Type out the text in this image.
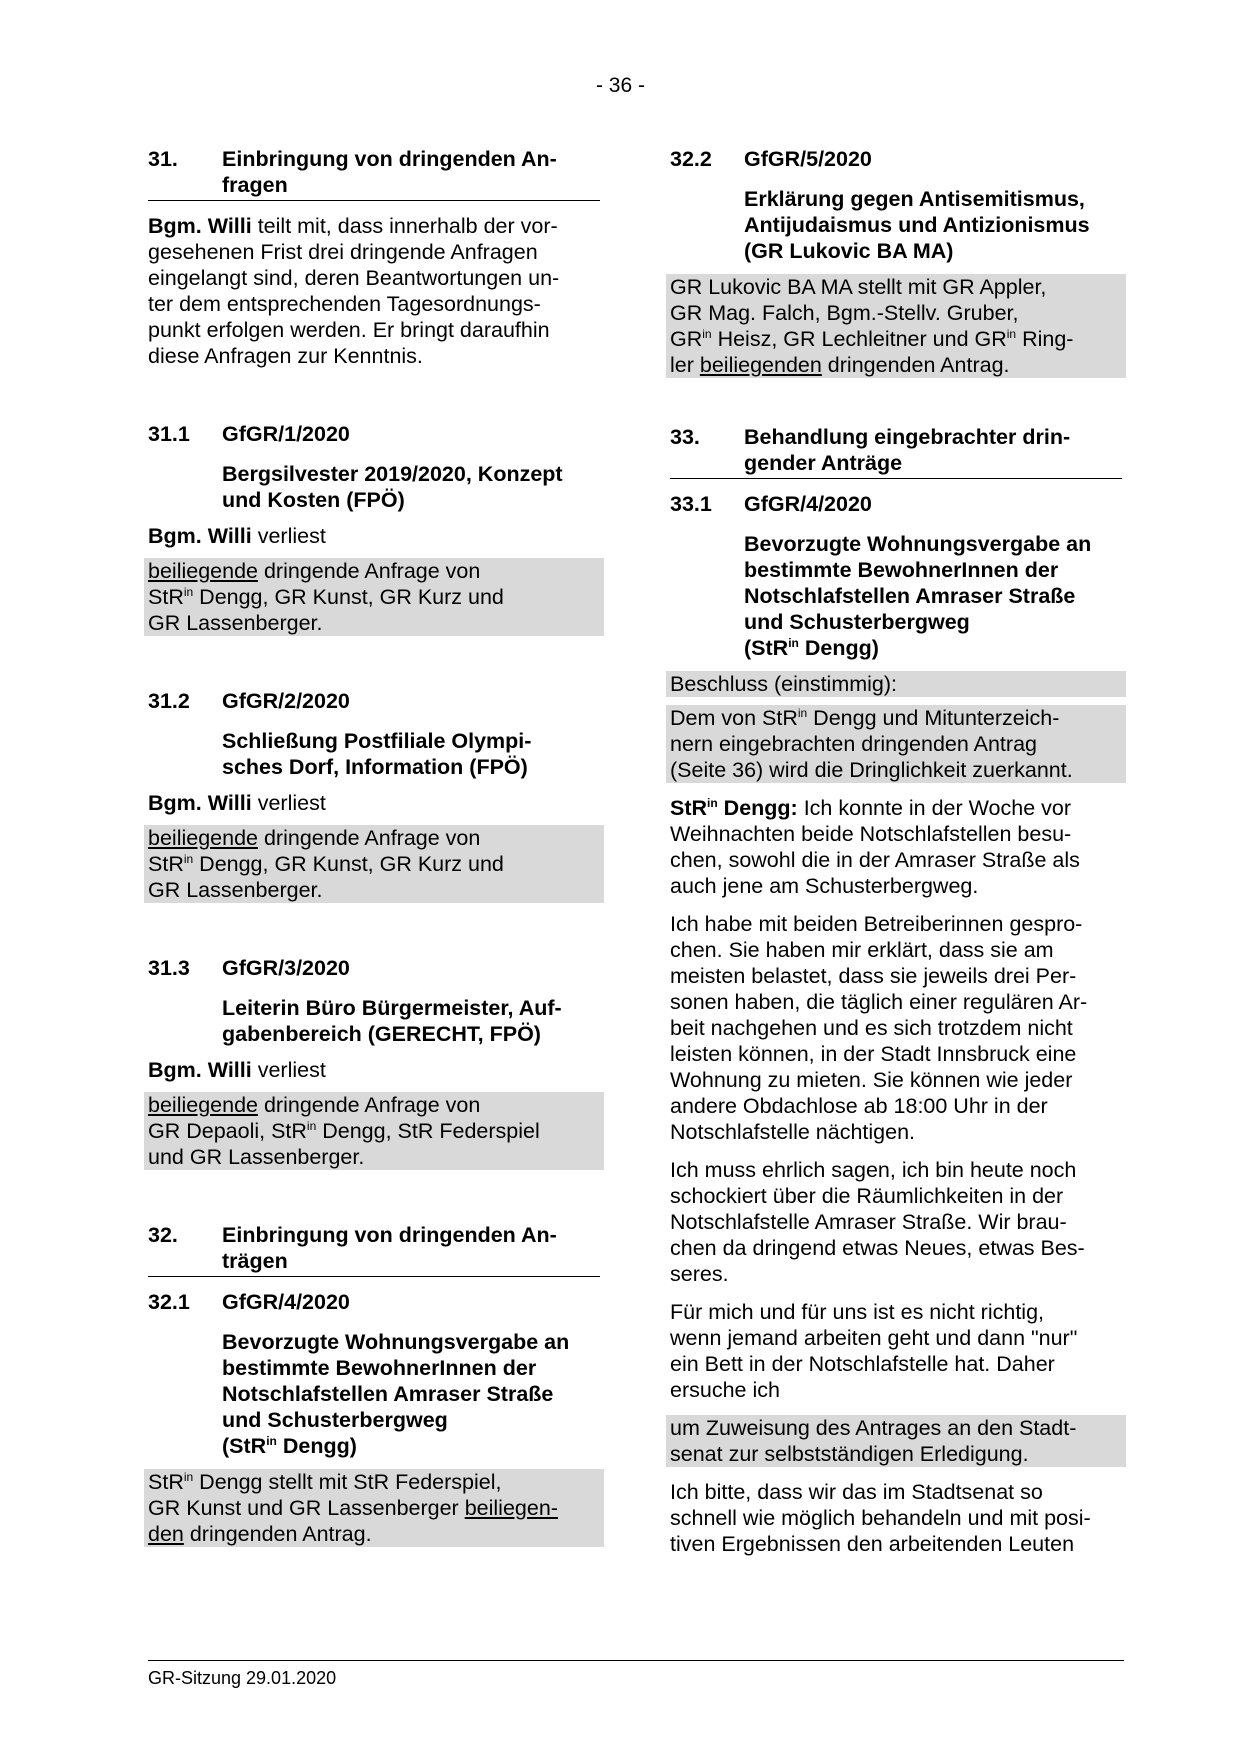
- 36 -
31.	Einbringung von dringenden An-
fragen

Bgm. Willi teilt mit, dass innerhalb der vor-
gesehenen Frist drei dringende Anfragen
eingelangt sind, deren Beantwortungen un-
ter dem entsprechenden Tagesordnungs-
punkt erfolgen werden. Er bringt daraufhin
diese Anfragen zur Kenntnis.

31.1	GfGR/1/2020
Bergsilvester 2019/2020, Konzept
und Kosten (FPÖ)

Bgm. Willi verliest

beiliegende dringende Anfrage von
StR$^{in}$ Dengg, GR Kunst, GR Kurz und
GR Lassenberger.

31.2	GfGR/2/2020
Schließung Postfiliale Olympi-
sches Dorf, Information (FPÖ)

Bgm. Willi verliest

beiliegende dringende Anfrage von
StR$^{in}$ Dengg, GR Kunst, GR Kurz und
GR Lassenberger.

31.3	GfGR/3/2020
Leiterin Büro Bürgermeister, Auf-
gabenbereich (GERECHT, FPÖ)

Bgm. Willi verliest

beiliegende dringende Anfrage von
GR Depaoli, StR$^{in}$ Dengg, StR Federspiel
und GR Lassenberger.

32.	Einbringung von dringenden An-
trägen
32.1	GfGR/4/2020
Bevorzugte Wohnungsvergabe an
bestimmte BewohnerInnen der
Notschlafstellen Amraser Straße
und Schusterbergweg
(StR$^{in}$ Dengg)

StR$^{in}$ Dengg stellt mit StR Federspiel,
GR Kunst und GR Lassenberger beiliegen-
den dringenden Antrag.

32.2	GfGR/5/2020
Erklärung gegen Antisemitismus,
Antijudaismus und Antizionismus
(GR Lukovic BA MA)

GR Lukovic BA MA stellt mit GR Appler,
GR Mag. Falch, Bgm.-Stellv. Gruber,
$GR^{in}$ Heisz, GR Lechleitner und $GR^{in}$ Ring-
ler beiliegenden dringenden Antrag.

33.	Behandlung eingebrachter drin-
gender Anträge
33.1	GfGR/4/2020
Bevorzugte Wohnungsvergabe an
bestimmte BewohnerInnen der
Notschlafstellen Amraser Straße
und Schusterbergweg
(StR$^{in}$ Dengg)

Beschluss (einstimmig):

Dem von StR$^{in}$ Dengg und Mitunterzeich-
nern eingebrachten dringenden Antrag
(Seite 36) wird die Dringlichkeit zuerkannt.

StR$^{in}$ Dengg: Ich konnte in der Woche vor
Weihnachten beide Notschlafstellen besu-
chen, sowohl die in der Amraser Straße als
auch jene am Schusterbergweg.

Ich habe mit beiden Betreiberinnen gespro-
chen. Sie haben mir erklärt, dass sie am
meisten belastet, dass sie jeweils drei Per-
sonen haben, die täglich einer regulären Ar-
beit nachgehen und es sich trotzdem nicht
leisten können, in der Stadt Innsbruck eine
Wohnung zu mieten. Sie können wie jeder
andere Obdachlose ab 18:00 Uhr in der
Notschlafstelle nächtigen.

Ich muss ehrlich sagen, ich bin heute noch
schockiert über die Räumlichkeiten in der
Notschlafstelle Amraser Straße. Wir brau-
chen da dringend etwas Neues, etwas Bes-
seres.

Für mich und für uns ist es nicht richtig,
wenn jemand arbeiten geht und dann "nur"
ein Bett in der Notschlafstelle hat. Daher
ersuche ich

um Zuweisung des Antrages an den Stadt-
senat zur selbstständigen Erledigung.

Ich bitte, dass wir das im Stadtsenat so
schnell wie möglich behandeln und mit posi-
tiven Ergebnissen den arbeitenden Leuten

GR-Sitzung 29.01.2020
